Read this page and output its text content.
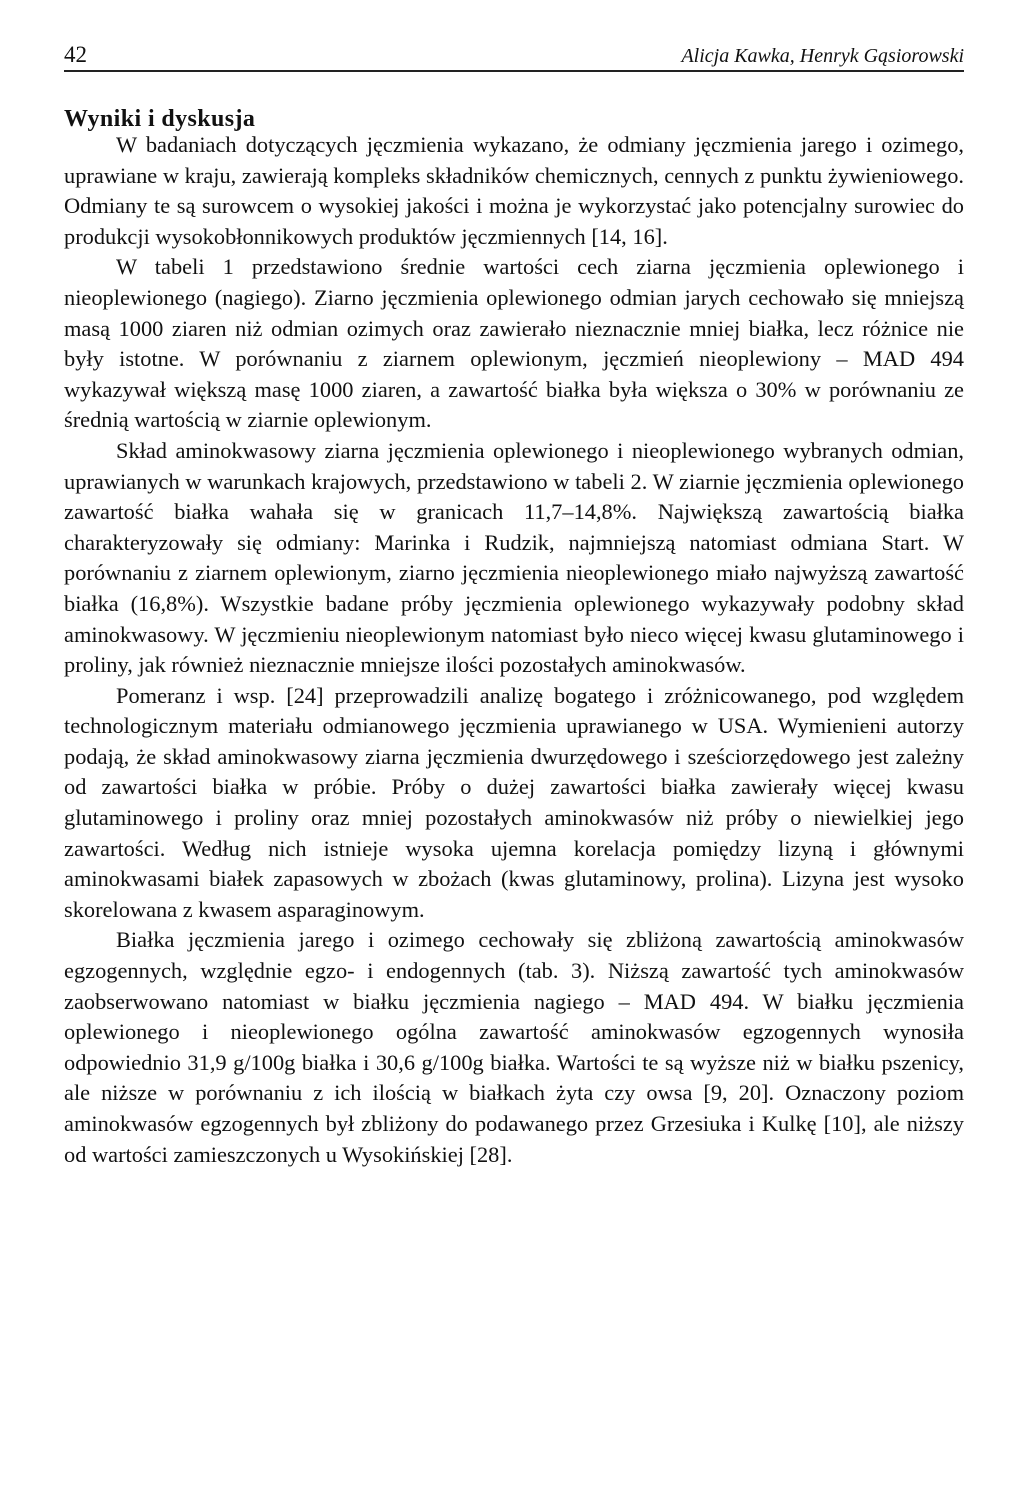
42	Alicja Kawka, Henryk Gąsiorowski
Wyniki i dyskusja

W badaniach dotyczących jęczmienia wykazano, że odmiany jęczmienia jarego i ozimego, uprawiane w kraju, zawierają kompleks składników chemicznych, cennych z punktu żywieniowego. Odmiany te są surowcem o wysokiej jakości i można je wykorzystać jako potencjalny surowiec do produkcji wysokobłonnikowych produktów jęczmiennych [14, 16].

W tabeli 1 przedstawiono średnie wartości cech ziarna jęczmienia oplewionego i nieoplewionego (nagiego). Ziarno jęczmienia oplewionego odmian jarych cechowało się mniejszą masą 1000 ziaren niż odmian ozimych oraz zawierało nieznacznie mniej białka, lecz różnice nie były istotne. W porównaniu z ziarnem oplewionym, jęczmień nieoplewiony – MAD 494 wykazywał większą masę 1000 ziaren, a zawartość białka była większa o 30% w porównaniu ze średnią wartością w ziarnie oplewionym.

Skład aminokwasowy ziarna jęczmienia oplewionego i nieoplewionego wybranych odmian, uprawianych w warunkach krajowych, przedstawiono w tabeli 2. W ziarnie jęczmienia oplewionego zawartość białka wahała się w granicach 11,7–14,8%. Największą zawartością białka charakteryzowały się odmiany: Marinka i Rudzik, najmniejszą natomiast odmiana Start. W porównaniu z ziarnem oplewionym, ziarno jęczmienia nieoplewionego miało najwyższą zawartość białka (16,8%). Wszystkie badane próby jęczmienia oplewionego wykazywały podobny skład aminokwasowy. W jęczmieniu nieoplewionym natomiast było nieco więcej kwasu glutaminowego i proliny, jak również nieznacznie mniejsze ilości pozostałych aminokwasów.

Pomeranz i wsp. [24] przeprowadzili analizę bogatego i zróżnicowanego, pod względem technologicznym materiału odmianowego jęczmienia uprawianego w USA. Wymienieni autorzy podają, że skład aminokwasowy ziarna jęczmienia dwurzędowego i sześciorzędowego jest zależny od zawartości białka w próbie. Próby o dużej zawartości białka zawierały więcej kwasu glutaminowego i proliny oraz mniej pozostałych aminokwasów niż próby o niewielkiej jego zawartości. Według nich istnieje wysoka ujemna korelacja pomiędzy lizyną i głównymi aminokwasami białek zapasowych w zbożach (kwas glutaminowy, prolina). Lizyna jest wysoko skorelowana z kwasem asparaginowym.

Białka jęczmienia jarego i ozimego cechowały się zbliżoną zawartością aminokwasów egzogennych, względnie egzo- i endogennych (tab. 3). Niższą zawartość tych aminokwasów zaobserwowano natomiast w białku jęczmienia nagiego – MAD 494. W białku jęczmienia oplewionego i nieoplewionego ogólna zawartość aminokwasów egzogennych wynosiła odpowiednio 31,9 g/100g białka i 30,6 g/100g białka. Wartości te są wyższe niż w białku pszenicy, ale niższe w porównaniu z ich ilością w białkach żyta czy owsa [9, 20]. Oznaczony poziom aminokwasów egzogennych był zbliżony do podawanego przez Grzesiuka i Kulkę [10], ale niższy od wartości zamieszczonych u Wysokińskiej [28].
